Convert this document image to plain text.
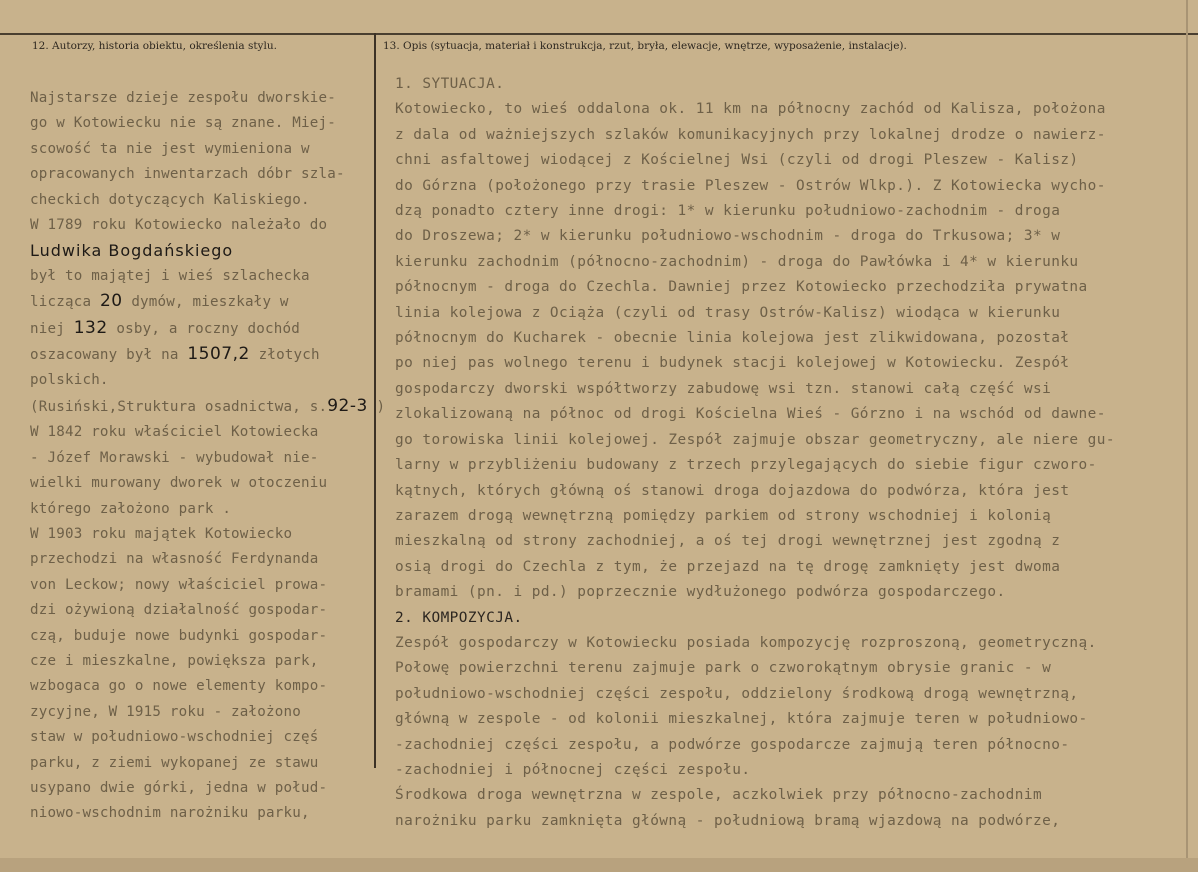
12. Autorzy, historia obiektu, określenia stylu.	13. Opis (sytuacja, materiał i konstrukcja, rzut, bryła, elewacje, wnętrze, wyposażenie, instalacje).
Najstarsze dzieje zespołu dworskie-
go w Kotowiecku nie są znane. Miej-
scowość ta nie jest wymieniona w
opracowanych inwentarzach dóbr szla-
checkich dotyczących Kaliskiego.
W 1789 roku Kotowiecko należało do
Ludwika Bogdańskiego
był to majątej i wieś szlachecka
licząca 20 dymów, mieszkały w
niej 132 osby, a roczny dochód
oszacowany był na 1507,2 złotych
polskich.
(Rusiński,Struktura osadnictwa, s.92-3 )
W 1842 roku właściciel Kotowiecka
- Józef Morawski - wybudował nie-
wielki murowany dworek w otoczeniu
którego założono park .
W 1903 roku majątek Kotowiecko
przechodzi na własność Ferdynanda
von Leckow; nowy właściciel prowa-
dzi ożywioną działalność gospodar-
czą, buduje nowe budynki gospodar-
cze i mieszkalne, powiększa park,
wzbogaca go o nowe elementy kompo-
zycyjne, W 1915 roku - założono
staw w południowo-wschodniej częś
parku, z ziemi wykopanej ze stawu
usypano dwie górki, jedna w połud-
niowo-wschodnim narożniku parku,
1. SYTUACJA.
Kotowiecko, to wieś oddalona ok. 11 km na północny zachód od Kalisza, położona
z dala od ważniejszych szlaków komunikacyjnych przy lokalnej drodze o nawierz-
chni asfaltowej wiodącej z Kościelnej Wsi (czyli od drogi Pleszew - Kalisz)
do Górzna (położonego przy trasie Pleszew - Ostrów Wlkp.). Z Kotowiecka wycho-
dzą ponadto cztery inne drogi: 1* w kierunku południowo-zachodnim - droga
do Droszewa; 2* w kierunku południowo-wschodnim - droga do Trkusowa; 3* w
kierunku zachodnim (północno-zachodnim) - droga do Pawłówka i 4* w kierunku
północnym - droga do Czechla. Dawniej przez Kotowiecko przechodziła prywatna
linia kolejowa z Ociąża (czyli od trasy Ostrów-Kalisz) wiodąca w kierunku
północnym do Kucharek - obecnie linia kolejowa jest zlikwidowana, pozostał
po niej pas wolnego terenu i budynek stacji kolejowej w Kotowiecku. Zespół
gospodarczy dworski współtworzy zabudowę wsi tzn. stanowi całą część wsi
zlokalizowaną na północ od drogi Kościelna Wieś - Górzno i na wschód od dawne-
go torowiska linii kolejowej. Zespół zajmuje obszar geometryczny, ale niere gu-
larny w przybliżeniu budowany z trzech przylegających do siebie figur czworo-
kątnych, których główną oś stanowi droga dojazdowa do podwórza, która jest
zarazem drogą wewnętrzną pomiędzy parkiem od strony wschodniej i kolonią
mieszkalną od strony zachodniej, a oś tej drogi wewnętrznej jest zgodną z
osią drogi do Czechla z tym, że przejazd na tę drogę zamknięty jest dwoma
bramami (pn. i pd.) poprzecznie wydłużonego podwórza gospodarczego.
2. KOMPOZYCJA.
Zespół gospodarczy w Kotowiecku posiada kompozycję rozproszoną, geometryczną.
Połowę powierzchni terenu zajmuje park o czworokątnym obrysie granic - w
południowo-wschodniej części zespołu, oddzielony środkową drogą wewnętrzną,
główną w zespole - od kolonii mieszkalnej, która zajmuje teren w południowo-
-zachodniej części zespołu, a podwórze gospodarcze zajmują teren północno-
-zachodniej i północnej części zespołu.
Środkowa droga wewnętrzna w zespole, aczkolwiek przy północno-zachodnim
narożniku parku zamknięta główną - południową bramą wjazdową na podwórze,
